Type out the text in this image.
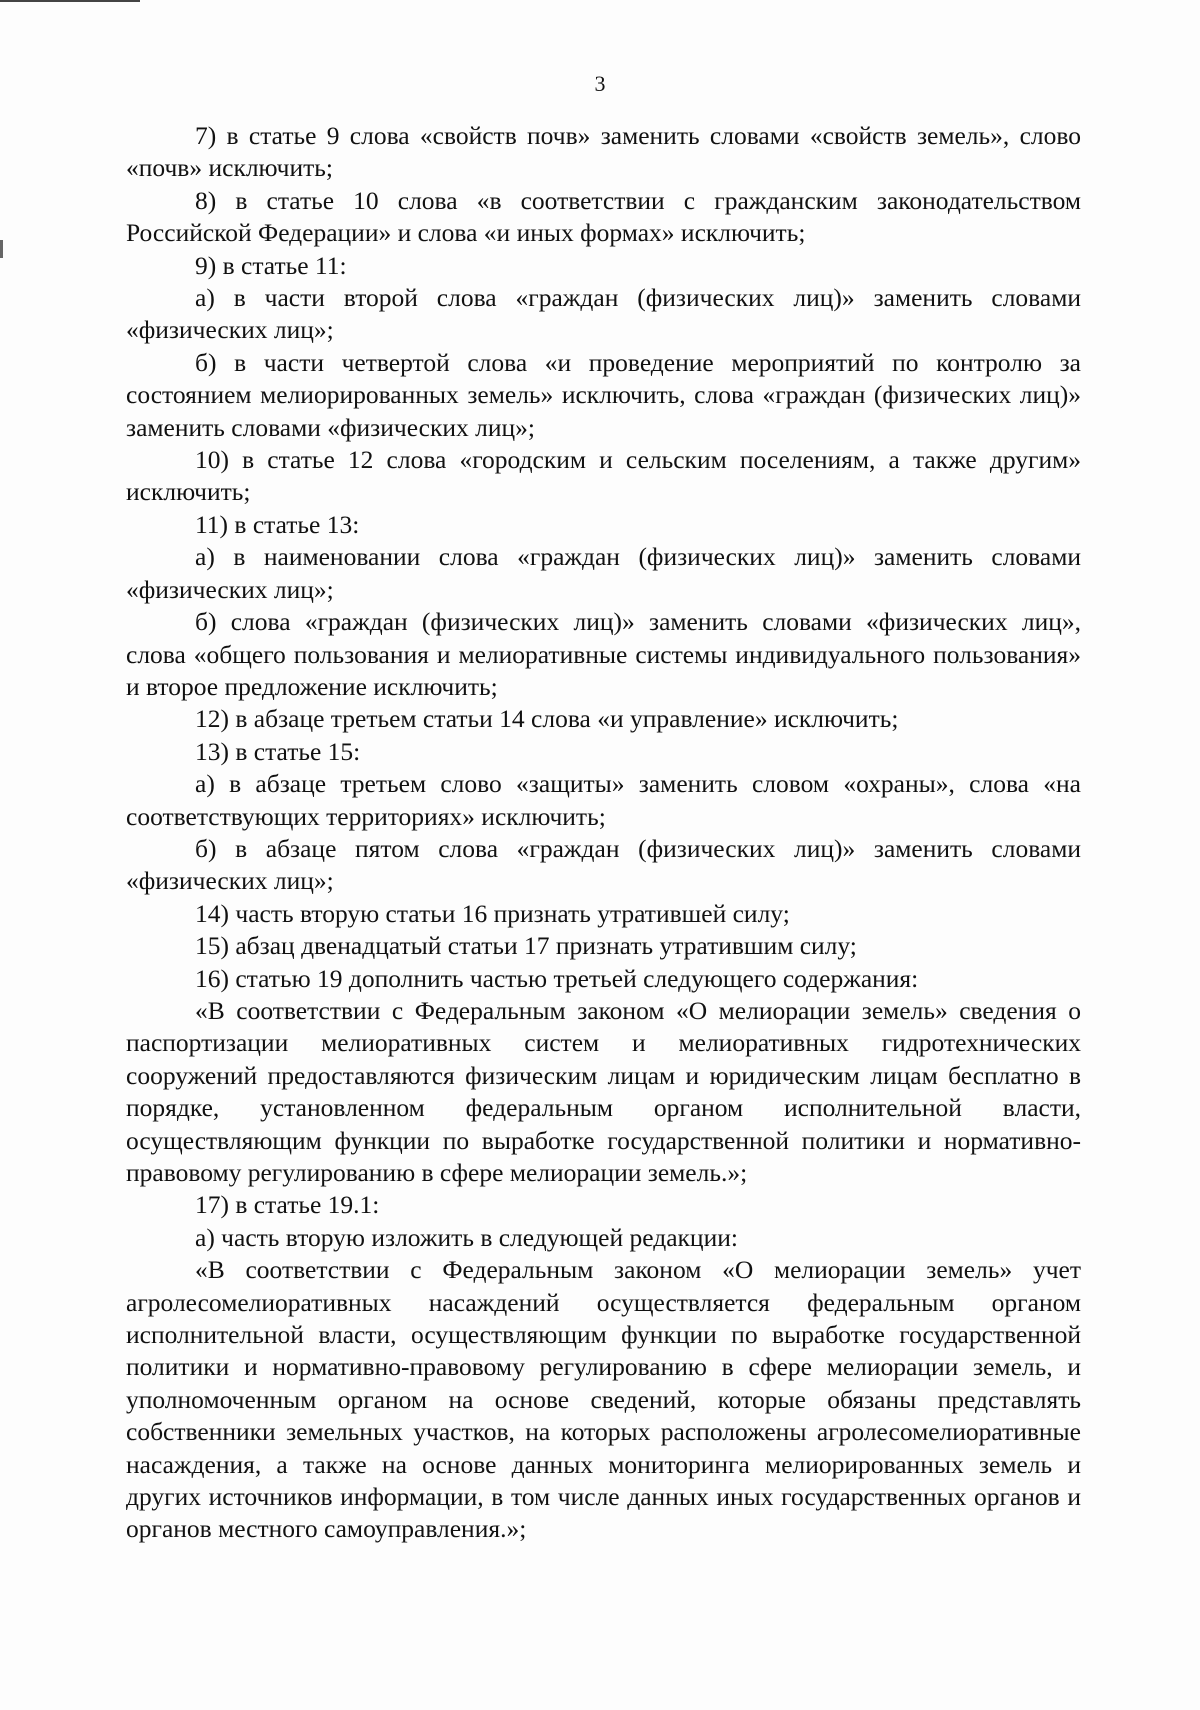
3

7) в статье 9 слова «свойств почв» заменить словами «свойств земель», слово «почв» исключить;

8) в статье 10 слова «в соответствии с гражданским законодательством Российской Федерации» и слова «и иных формах» исключить;

9) в статье 11:

а) в части второй слова «граждан (физических лиц)» заменить словами «физических лиц»;

б) в части четвертой слова «и проведение мероприятий по контролю за состоянием мелиорированных земель» исключить, слова «граждан (физических лиц)» заменить словами «физических лиц»;

10) в статье 12 слова «городским и сельским поселениям, а также другим» исключить;

11) в статье 13:

а) в наименовании слова «граждан (физических лиц)» заменить словами «физических лиц»;

б) слова «граждан (физических лиц)» заменить словами «физических лиц», слова «общего пользования и мелиоративные системы индивидуального пользования» и второе предложение исключить;

12) в абзаце третьем статьи 14 слова «и управление» исключить;

13) в статье 15:

а) в абзаце третьем слово «защиты» заменить словом «охраны», слова «на соответствующих территориях» исключить;

б) в абзаце пятом слова «граждан (физических лиц)» заменить словами «физических лиц»;

14) часть вторую статьи 16 признать утратившей силу;

15) абзац двенадцатый статьи 17 признать утратившим силу;

16) статью 19 дополнить частью третьей следующего содержания:

«В соответствии с Федеральным законом «О мелиорации земель» сведения о паспортизации мелиоративных систем и мелиоративных гидротехнических сооружений предоставляются физическим лицам и юридическим лицам бесплатно в порядке, установленном федеральным органом исполнительной власти, осуществляющим функции по выработке государственной политики и нормативно-правовому регулированию в сфере мелиорации земель.»;

17) в статье 19.1:

а) часть вторую изложить в следующей редакции:

«В соответствии с Федеральным законом «О мелиорации земель» учет агролесомелиоративных насаждений осуществляется федеральным органом исполнительной власти, осуществляющим функции по выработке государственной политики и нормативно-правовому регулированию в сфере мелиорации земель, и уполномоченным органом на основе сведений, которые обязаны представлять собственники земельных участков, на которых расположены агролесомелиоративные насаждения, а также на основе данных мониторинга мелиорированных земель и других источников информации, в том числе данных иных государственных органов и органов местного самоуправления.»;
